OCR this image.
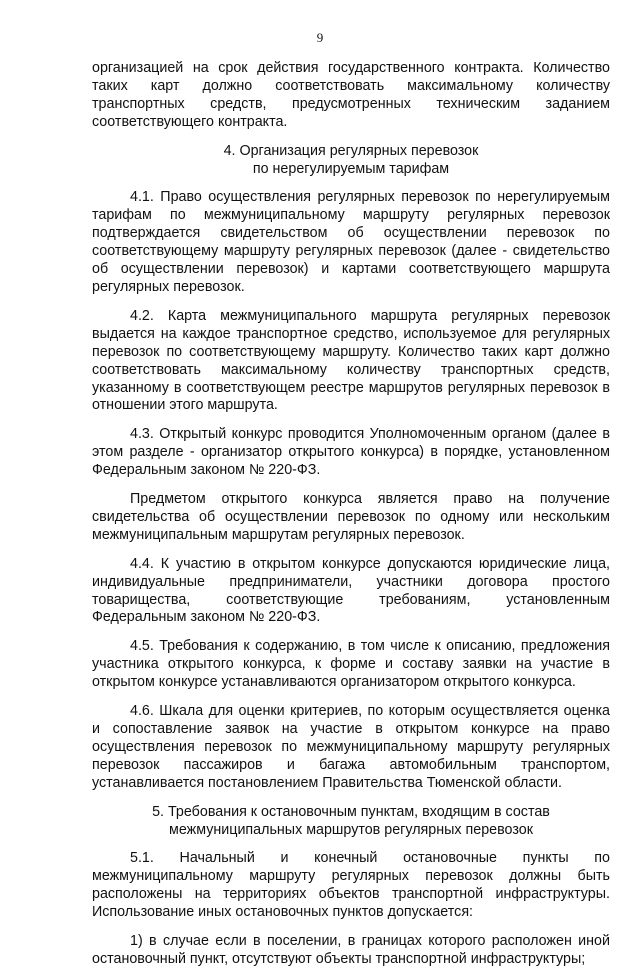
9

организацией на срок действия государственного контракта. Количество таких карт должно соответствовать максимальному количеству транспортных средств, предусмотренных техническим заданием соответствующего контракта.

4. Организация регулярных перевозок
по нерегулируемым тарифам

4.1. Право осуществления регулярных перевозок по нерегулируемым тарифам по межмуниципальному маршруту регулярных перевозок подтверждается свидетельством об осуществлении перевозок по соответствующему маршруту регулярных перевозок (далее - свидетельство об осуществлении перевозок) и картами соответствующего маршрута регулярных перевозок.

4.2. Карта межмуниципального маршрута регулярных перевозок выдается на каждое транспортное средство, используемое для регулярных перевозок по соответствующему маршруту. Количество таких карт должно соответствовать максимальному количеству транспортных средств, указанному в соответствующем реестре маршрутов регулярных перевозок в отношении этого маршрута.

4.3. Открытый конкурс проводится Уполномоченным органом (далее в этом разделе - организатор открытого конкурса) в порядке, установленном Федеральным законом № 220-ФЗ.

Предметом открытого конкурса является право на получение свидетельства об осуществлении перевозок по одному или нескольким межмуниципальным маршрутам регулярных перевозок.

4.4. К участию в открытом конкурсе допускаются юридические лица, индивидуальные предприниматели, участники договора простого товарищества, соответствующие требованиям, установленным Федеральным законом № 220-ФЗ.

4.5. Требования к содержанию, в том числе к описанию, предложения участника открытого конкурса, к форме и составу заявки на участие в открытом конкурсе устанавливаются организатором открытого конкурса.

4.6. Шкала для оценки критериев, по которым осуществляется оценка и сопоставление заявок на участие в открытом конкурсе на право осуществления перевозок по межмуниципальному маршруту регулярных перевозок пассажиров и багажа автомобильным транспортом, устанавливается постановлением Правительства Тюменской области.

5. Требования к остановочным пунктам, входящим в состав
межмуниципальных маршрутов регулярных перевозок

5.1. Начальный и конечный остановочные пункты по межмуниципальному маршруту регулярных перевозок должны быть расположены на территориях объектов транспортной инфраструктуры. Использование иных остановочных пунктов допускается:

1) в случае если в поселении, в границах которого расположен иной остановочный пункт, отсутствуют объекты транспортной инфраструктуры;
